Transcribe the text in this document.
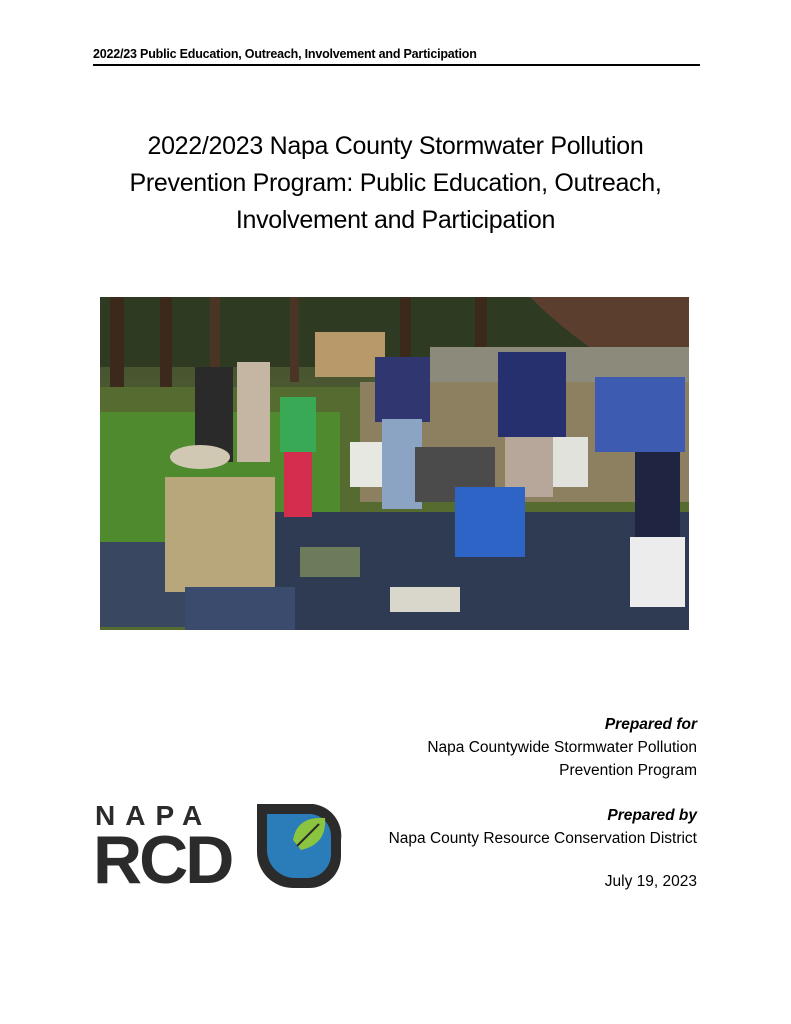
2022/23 Public Education, Outreach, Involvement and Participation
2022/2023 Napa County Stormwater Pollution
Prevention Program: Public Education, Outreach,
Involvement and Participation
Prepared for
Napa Countywide Stormwater Pollution
Prevention Program
Prepared by
Napa County Resource Conservation District
July 19, 2023
NAPA
RCD
